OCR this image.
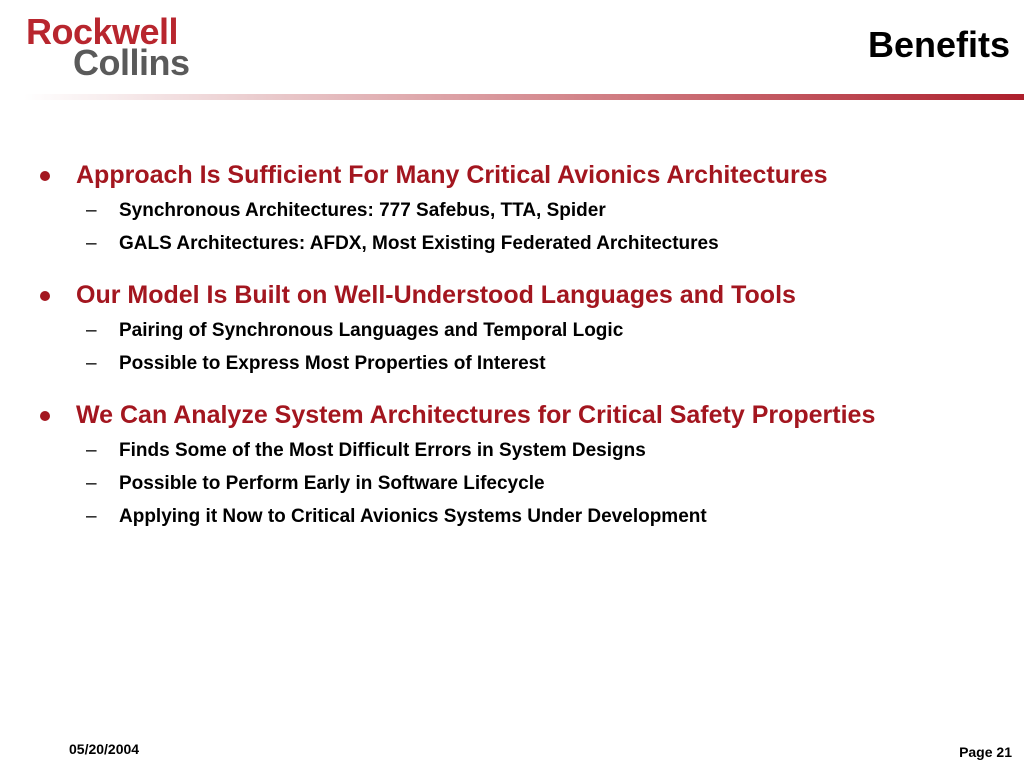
Rockwell
Collins	Benefits
Approach Is Sufficient For Many Critical Avionics Architectures
– Synchronous Architectures: 777 Safebus, TTA, Spider
– GALS Architectures: AFDX, Most Existing Federated Architectures
Our Model Is Built on Well-Understood Languages and Tools
– Pairing of Synchronous Languages and Temporal Logic
– Possible to Express Most Properties of Interest
We Can Analyze System Architectures for Critical Safety Properties
– Finds Some of the Most Difficult Errors in System Designs
– Possible to Perform Early in Software Lifecycle
– Applying it Now to Critical Avionics Systems Under Development
05/20/2004	Page 21
